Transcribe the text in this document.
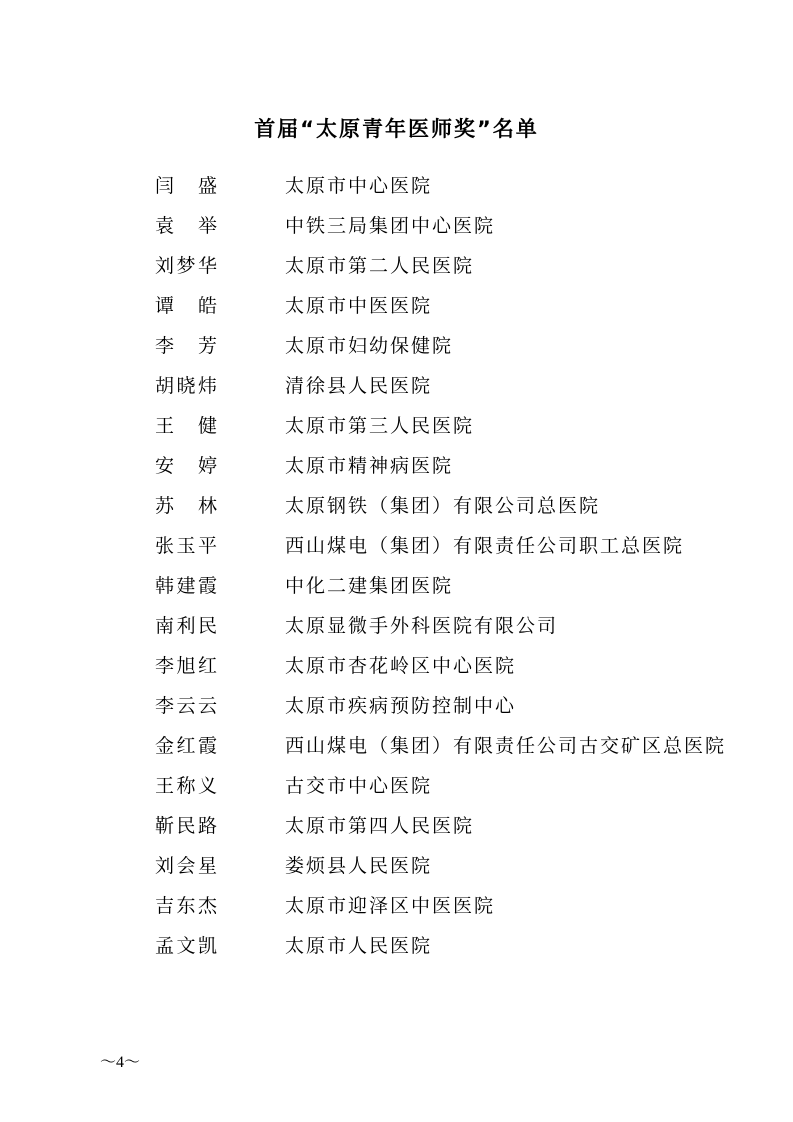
首届“太原青年医师奖”名单
闫 盛	太原市中心医院
袁 举	中铁三局集团中心医院
刘 梦 华	太原市第二人民医院
谭 皓	太原市中医医院
李 芳	太原市妇幼保健院
胡 晓 炜	清徐县人民医院
王 健	太原市第三人民医院
安 婷	太原市精神病医院
苏 林	太原钢铁（集团）有限公司总医院
张 玉 平	西山煤电（集团）有限责任公司职工总医院
韩 建 霞	中化二建集团医院
南 利 民	太原显微手外科医院有限公司
李 旭 红	太原市杏花岭区中心医院
李 云 云	太原市疾病预防控制中心
金 红 霞	西山煤电（集团）有限责任公司古交矿区总医院
王 称 义	古交市中心医院
靳 民 路	太原市第四人民医院
刘 会 星	娄烦县人民医院
吉 东 杰	太原市迎泽区中医医院
孟 文 凯	太原市人民医院
～4～
